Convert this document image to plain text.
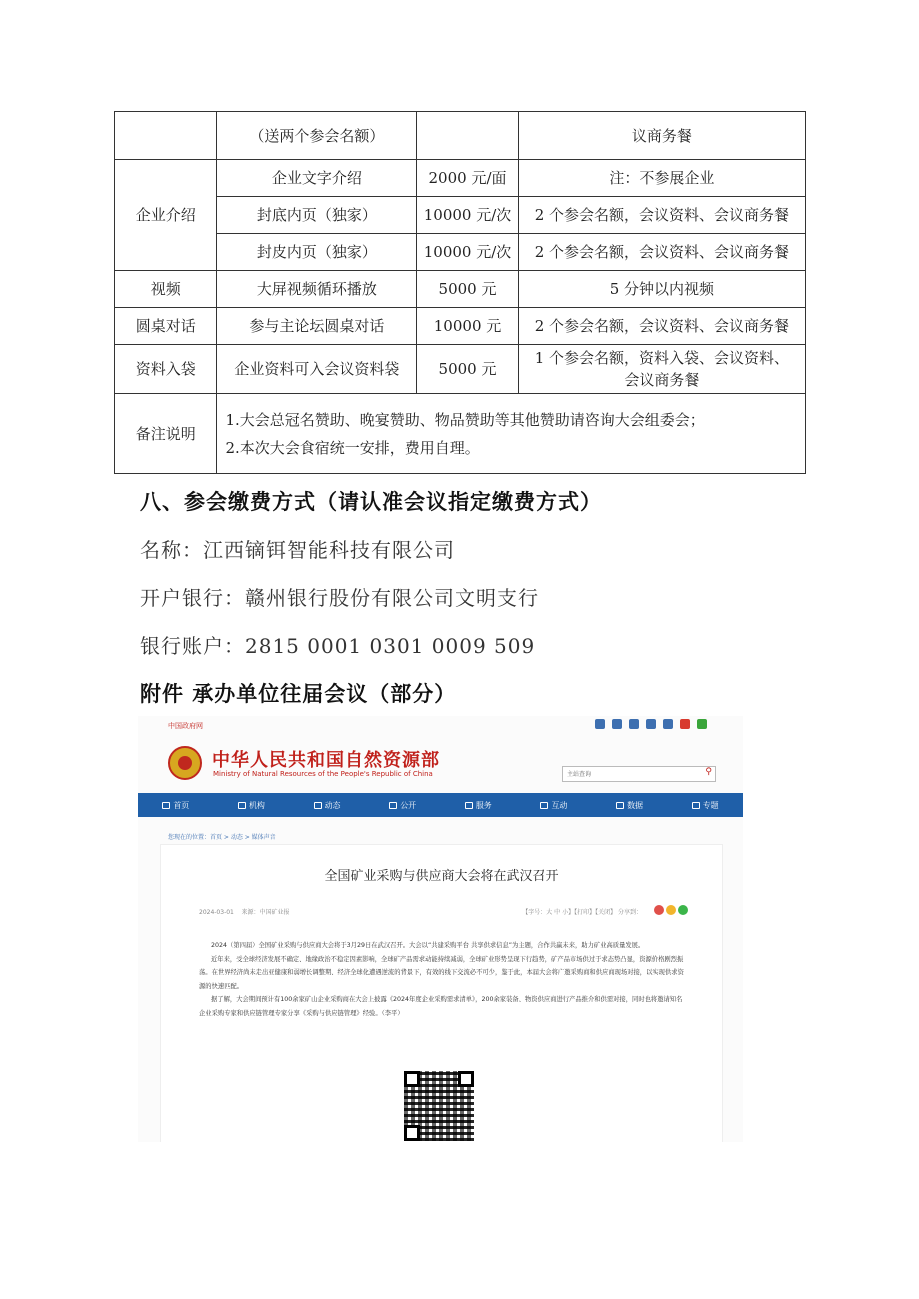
	（送两个参会名额）		议商务餐
企业介绍	企业文字介绍	2000 元/面	注：不参展企业
	封底内页（独家）	10000 元/次	2 个参会名额，会议资料、会议商务餐
	封皮内页（独家）	10000 元/次	2 个参会名额，会议资料、会议商务餐
视频	大屏视频循环播放	5000 元	5 分钟以内视频
圆桌对话	参与主论坛圆桌对话	10000 元	2 个参会名额，会议资料、会议商务餐
资料入袋	企业资料可入会议资料袋	5000 元	1 个参会名额，资料入袋、会议资料、
会议商务餐

备注说明	1.大会总冠名赞助、晚宴赞助、物品赞助等其他赞助请咨询大会组委会；
2.本次大会食宿统一安排，费用自理。		
八、参会缴费方式（请认准会议指定缴费方式）
名称：江西镝铒智能科技有限公司
开户银行：赣州银行股份有限公司文明支行
银行账户：2815 0001 0301 0009 509
附件 承办单位往届会议（部分）
中国政府网
中华人民共和国自然资源部
Ministry of Natural Resources of the People's Republic of China	主站查询	⚲
首页	机构	动态	公开	服务	互动	数据	专题
您现在的位置：首页 > 动态 > 媒体声音
全国矿业采购与供应商大会将在武汉召开
2024-03-01 来源：中国矿业报	【字号：大 中 小】【打印】【关闭】 分享到：

2024（第四届）全国矿业采购与供应商大会将于3月29日在武汉召开。大会以“共建采购平台 共享供求信息”为主题，合作共赢未来，助力矿业高质量发展。

近年来，受全球经济发展不确定、地缘政治不稳定因素影响，全球矿产品需求动能持续减弱，全球矿业形势呈现下行趋势，矿产品市场供过于求态势凸显，资源价格剧烈振荡。在世界经济尚未走出亚健康和弱增长调整期、经济全球化遭遇逆流的背景下，有效的线下交流必不可少，鉴于此，本届大会将广邀采购商和供应商现场对接，以实现供求资源的快速匹配。

据了解，大会期间预计有100余家矿山企业采购商在大会上披露《2024年度企业采购需求清单》，200余家装备、物资供应商进行产品推介和供需对接，同时也将邀请知名企业采购专家和供应链管理专家分享《采购与供应链管理》经验。（李平）
